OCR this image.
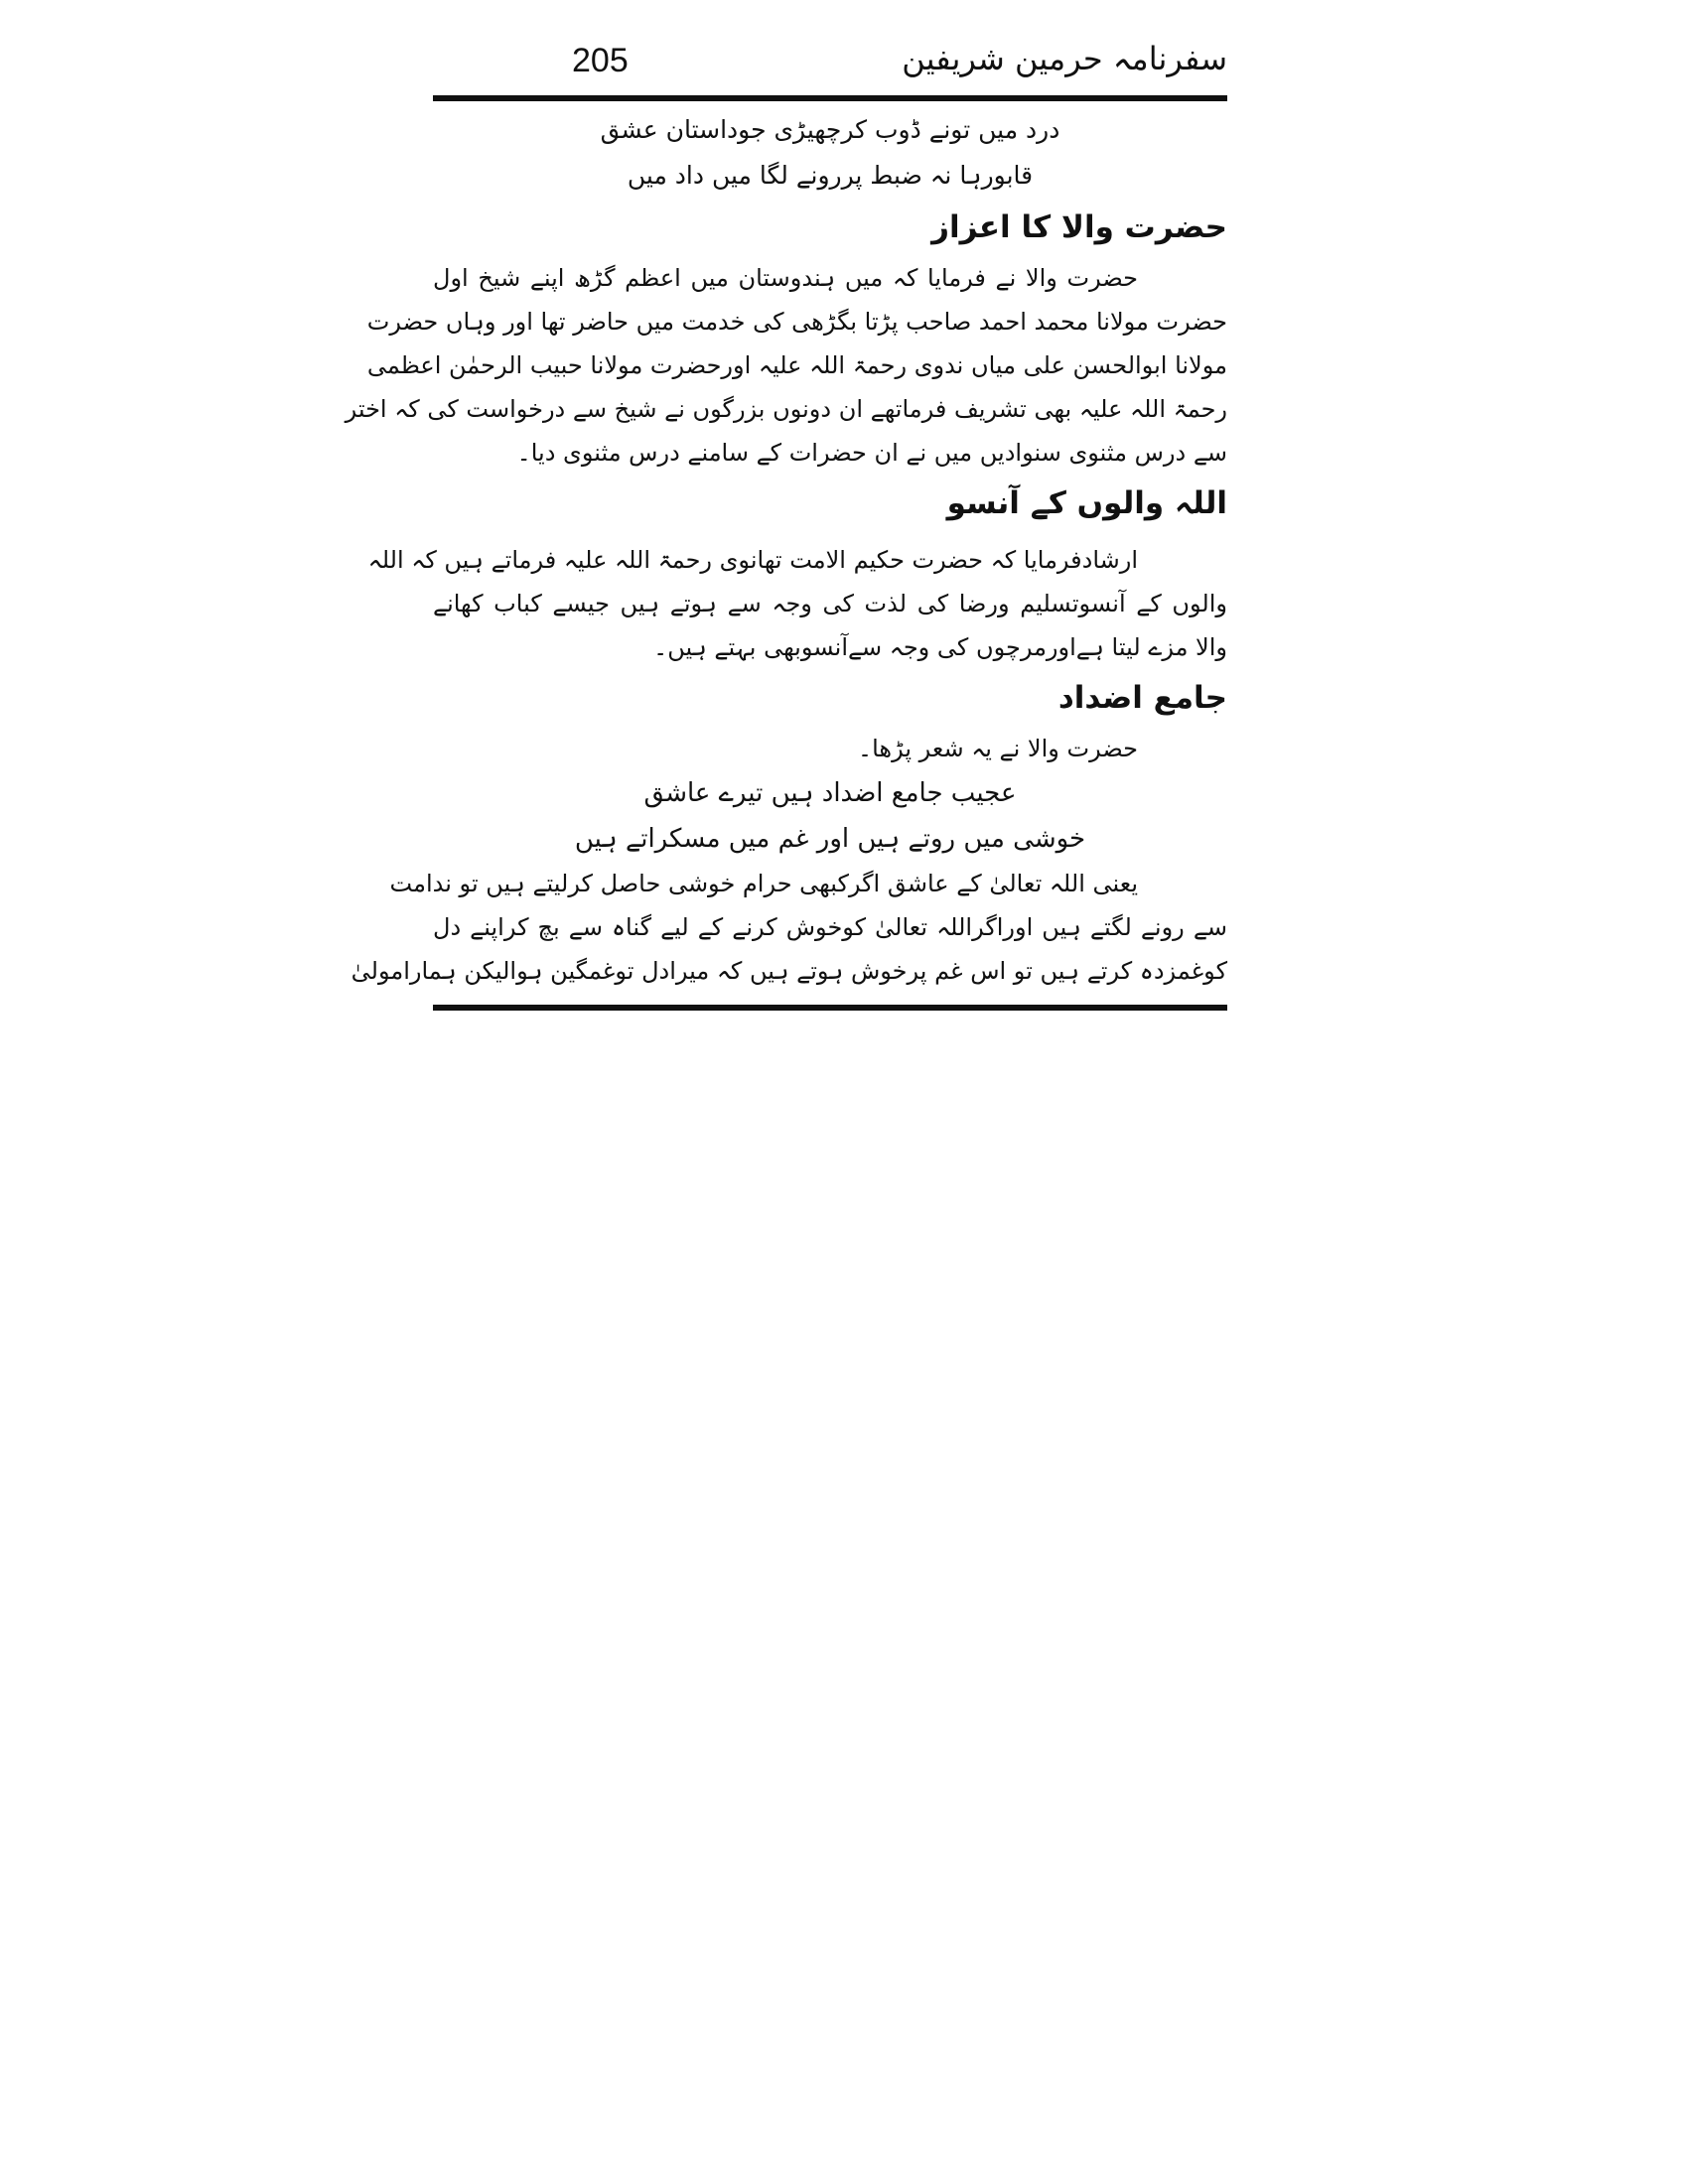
205	سفرنامہ حرمین شریفین
درد میں تونے ڈوب کرچھیڑی جوداستان عشق
قابورہا نہ ضبط پررونے لگا میں داد میں
حضرت والا کا اعزاز
حضرت والا نے فرمایا کہ میں ہندوستان میں اعظم گڑھ اپنے شیخ اول
حضرت مولانا محمد احمد صاحب پڑتا بگڑھی کی خدمت میں حاضر تھا اور وہاں حضرت
مولانا ابوالحسن علی میاں ندوی رحمۃ اللہ علیہ اورحضرت مولانا حبیب الرحمٰن اعظمی
رحمۃ اللہ علیہ بھی تشریف فرماتھے ان دونوں بزرگوں نے شیخ سے درخواست کی کہ اختر
سے درس مثنوی سنوادیں میں نے ان حضرات کے سامنے درس مثنوی دیا۔
اللہ والوں کے آنسو
ارشادفرمایا کہ حضرت حکیم الامت تھانوی رحمۃ اللہ علیہ فرماتے ہیں کہ اللہ
والوں کے آنسوتسلیم ورضا کی لذت کی وجہ سے ہوتے ہیں جیسے کباب کھانے
والا مزے لیتا ہےاورمرچوں کی وجہ سےآنسوبھی بہتے ہیں۔
جامع اضداد
حضرت والا نے یہ شعر پڑھا۔
عجیب جامع اضداد ہیں تیرے عاشق
خوشی میں روتے ہیں اور غم میں مسکراتے ہیں
یعنی اللہ تعالیٰ کے عاشق اگرکبھی حرام خوشی حاصل کرلیتے ہیں تو ندامت
سے رونے لگتے ہیں اوراگراللہ تعالیٰ کوخوش کرنے کے لیے گناہ سے بچ کراپنے دل
کوغمزدہ کرتے ہیں تو اس غم پرخوش ہوتے ہیں کہ میرادل توغمگین ہوالیکن ہمارامولیٰ
